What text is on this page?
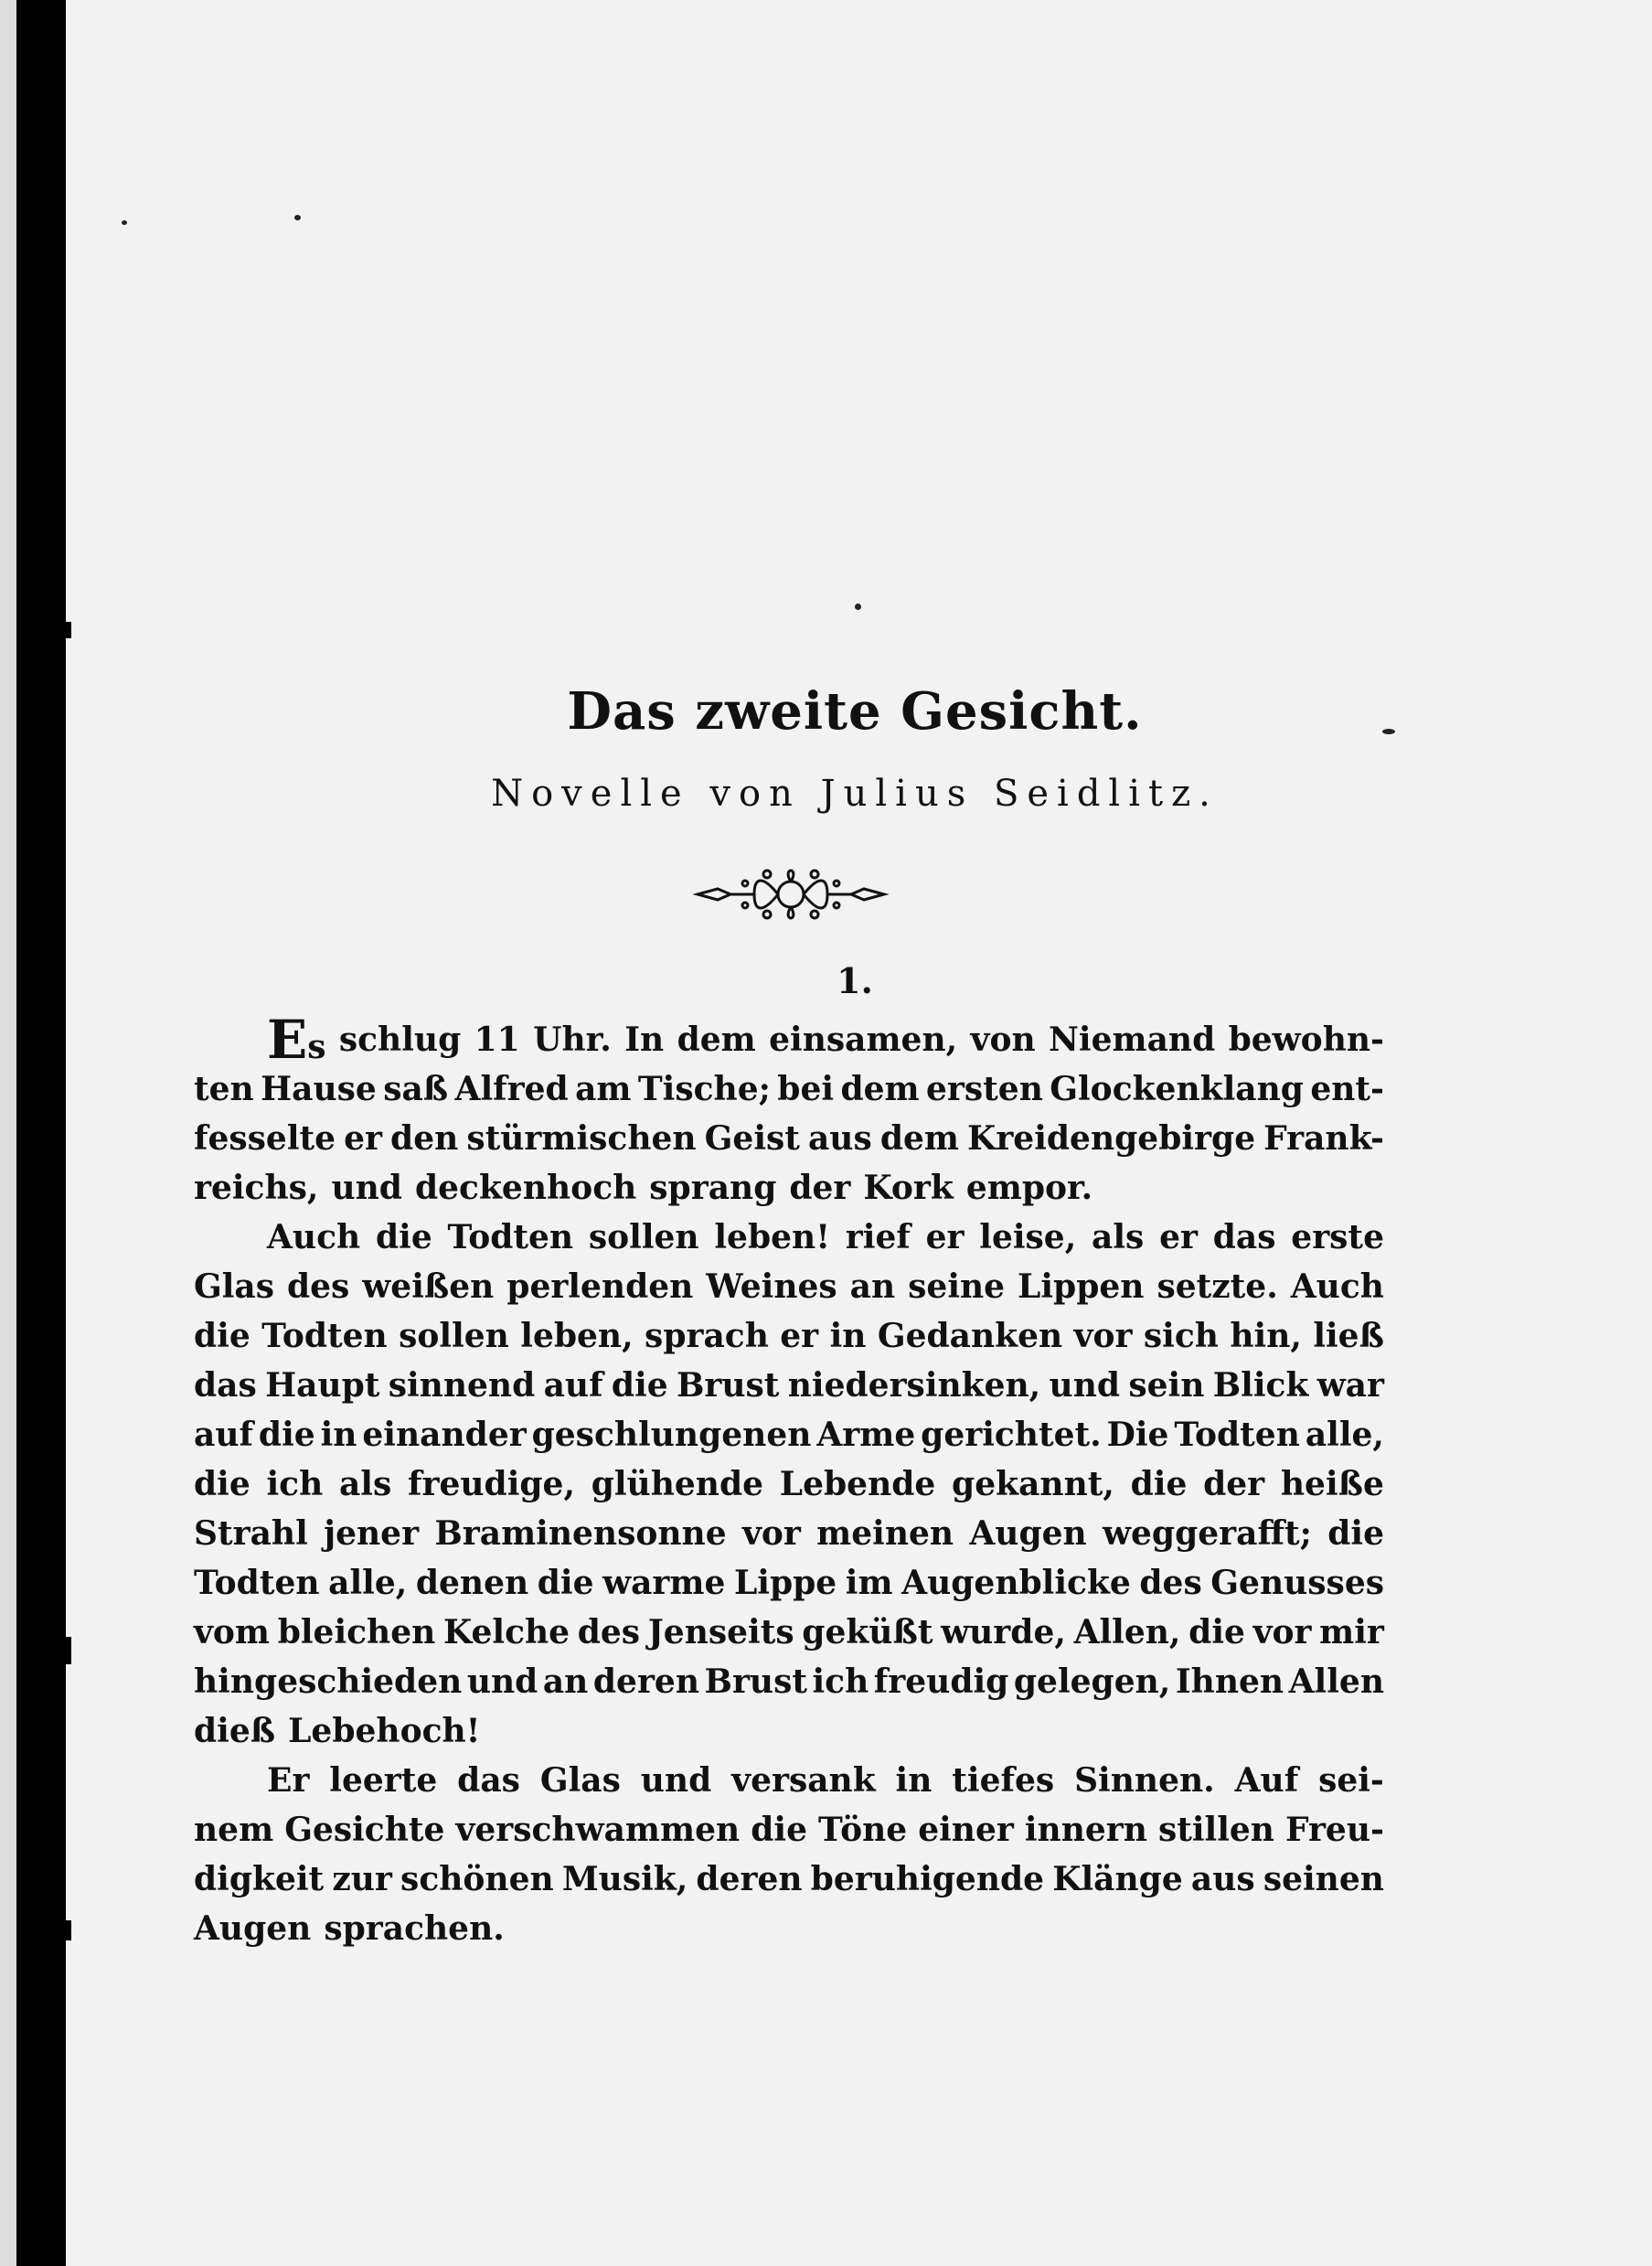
Das zweite Gesicht.
Novelle von Julius Seidlitz.
1.
Es schlug 11 Uhr. In dem einsamen, von Niemand bewohn-
ten Hause saß Alfred am Tische; bei dem ersten Glockenklang ent-
fesselte er den stürmischen Geist aus dem Kreidengebirge Frank-
reichs, und deckenhoch sprang der Kork empor.
Auch die Todten sollen leben! rief er leise, als er das erste
Glas des weißen perlenden Weines an seine Lippen setzte. Auch
die Todten sollen leben, sprach er in Gedanken vor sich hin, ließ
das Haupt sinnend auf die Brust niedersinken, und sein Blick war
auf die in einander geschlungenen Arme gerichtet. Die Todten alle,
die ich als freudige, glühende Lebende gekannt, die der heiße
Strahl jener Braminensonne vor meinen Augen weggerafft; die
Todten alle, denen die warme Lippe im Augenblicke des Genusses
vom bleichen Kelche des Jenseits geküßt wurde, Allen, die vor mir
hingeschieden und an deren Brust ich freudig gelegen, Ihnen Allen
dieß Lebehoch!
Er leerte das Glas und versank in tiefes Sinnen. Auf sei-
nem Gesichte verschwammen die Töne einer innern stillen Freu-
digkeit zur schönen Musik, deren beruhigende Klänge aus seinen
Augen sprachen.
